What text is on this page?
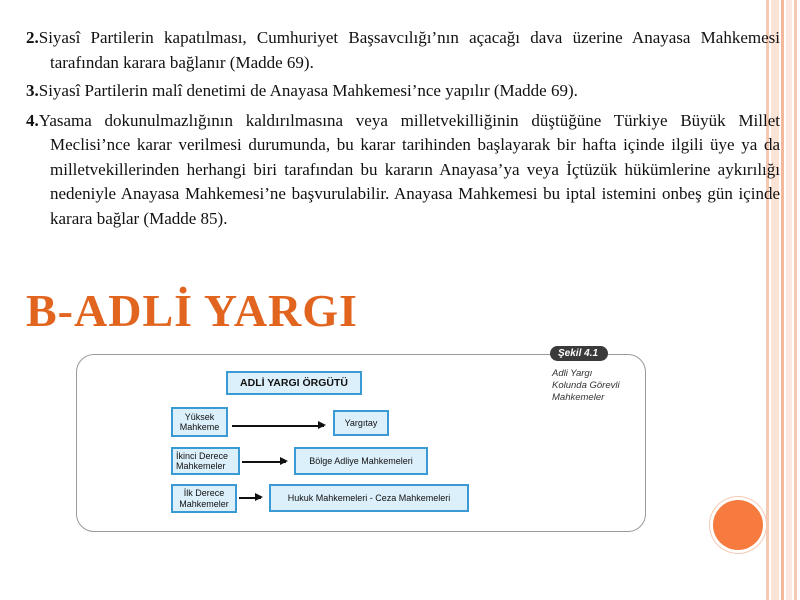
2.Siyasî Partilerin kapatılması, Cumhuriyet Başsavcılığı’nın açacağı dava üzerine Anayasa Mahkemesi tarafından karara bağlanır (Madde 69).

3.Siyasî Partilerin malî denetimi de Anayasa Mahkemesi’nce yapılır (Madde 69).

4.Yasama dokunulmazlığının kaldırılmasına veya milletvekilliğinin düştüğüne Türkiye Büyük Millet Meclisi’nce karar verilmesi durumunda, bu karar tarihinden başlayarak bir hafta içinde ilgili üye ya da milletvekillerinden herhangi biri tarafından bu kararın Anayasa’ya veya İçtüzük hükümlerine aykırılığı nedeniyle Anayasa Mahkemesi’ne başvurulabilir. Anayasa Mahkemesi bu iptal istemini onbeş gün içinde karara bağlar (Madde 85).

B-ADLİ YARGI
Şekil 4.1
Adli Yargı
Kolunda Görevli
Mahkemeler
ADLİ YARGI ÖRGÜTÜ
Yüksek
Mahkeme	Yargıtay
İkinci Derece
Mahkemeler
Bölge Adliye Mahkemeleri
İlk Derece
Mahkemeler
Hukuk Mahkemeleri - Ceza Mahkemeleri
